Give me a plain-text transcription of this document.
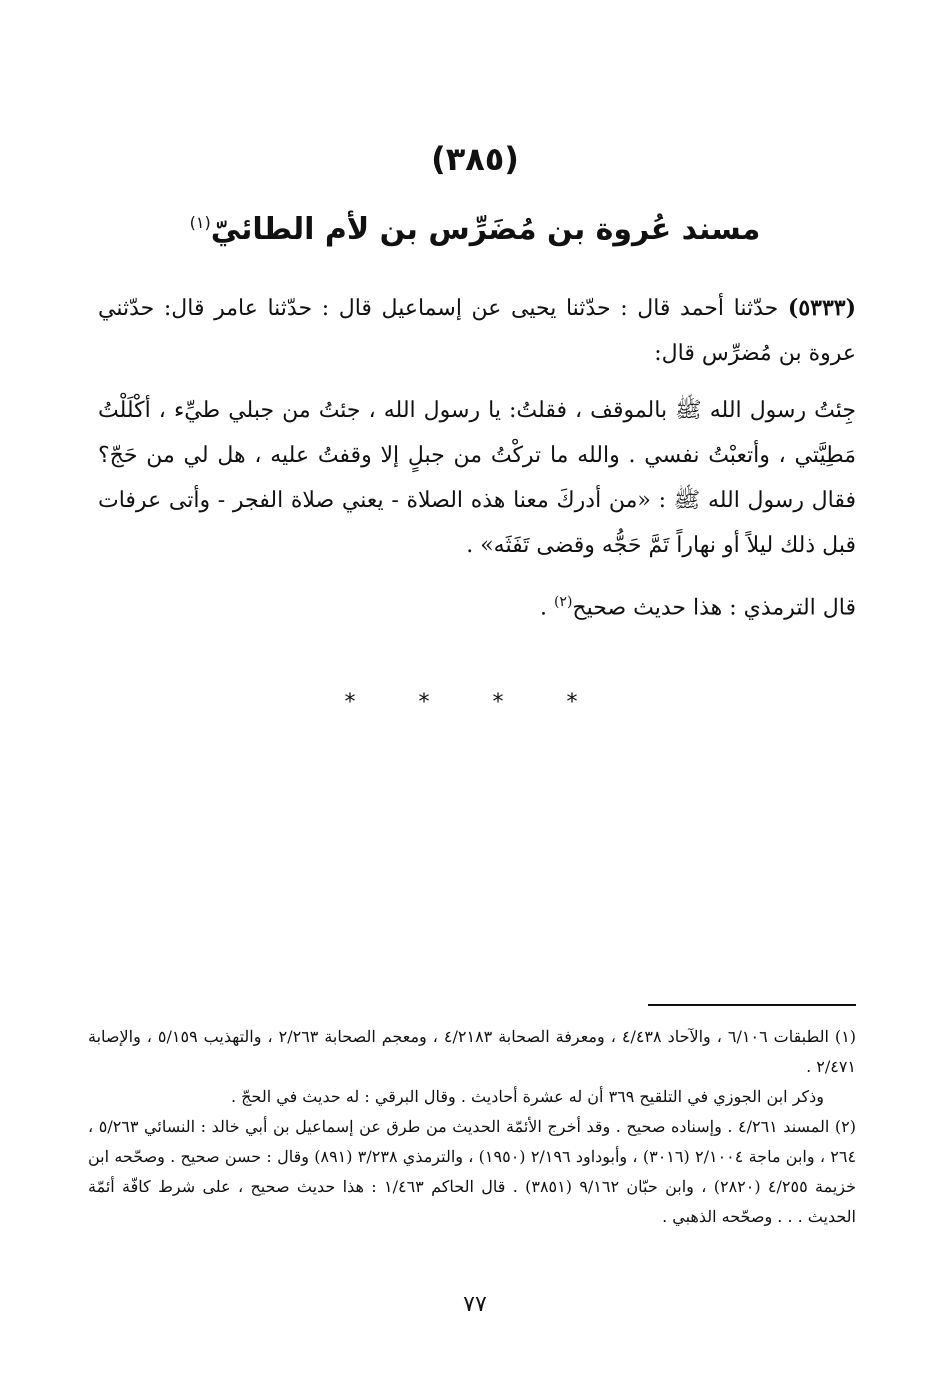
(٣٨٥)
مسند عُروة بن مُضَرِّس بن لأم الطائيّ$^{(١)}$

(٥٣٣٣) حدّثنا أحمد قال : حدّثنا يحيى عن إسماعيل قال : حدّثنا عامر قال: حدّثني عروة بن مُضرِّس قال:

جِئتُ رسول الله ﷺ بالموقف ، فقلتُ: يا رسول الله ، جئتُ من جبلي طيِّء ، أكْلَلْتُ مَطِيَّتي ، وأتعبْتُ نفسي . والله ما تركْتُ من جبلٍ إلا وقفتُ عليه ، هل لي من حَجّ؟ فقال رسول الله ﷺ : «من أدركَ معنا هذه الصلاة - يعني صلاة الفجر - وأتى عرفات قبل ذلك ليلاً أو نهاراً تَمَّ حَجُّه وقضى تَفَثَه» .

قال الترمذي : هذا حديث صحيح$^{(٢)}$ .

* * * *

(١) الطبقات ٦/١٠٦ ، والآحاد ٤/٤٣٨ ، ومعرفة الصحابة ٤/٢١٨٣ ، ومعجم الصحابة ٢/٢٦٣ ، والتهذيب ٥/١٥٩ ، والإصابة ٢/٤٧١ .

وذكر ابن الجوزي في التلقيح ٣٦٩ أن له عشرة أحاديث . وقال البرقي : له حديث في الحجّ .

(٢) المسند ٤/٢٦١ . وإسناده صحيح . وقد أخرج الأئمّة الحديث من طرق عن إسماعيل بن أبي خالد : النسائي ٥/٢٦٣ ، ٢٦٤ ، وابن ماجة ٢/١٠٠٤ (٣٠١٦) ، وأبوداود ٢/١٩٦ (١٩٥٠) ، والترمذي ٣/٢٣٨ (٨٩١) وقال : حسن صحيح . وصحّحه ابن خزيمة ٤/٢٥٥ (٢٨٢٠) ، وابن حبّان ٩/١٦٢ (٣٨٥١) . قال الحاكم ١/٤٦٣ : هذا حديث صحيح ، على شرط كافّة أئمّة الحديث . . . وصحّحه الذهبي .

٧٧
